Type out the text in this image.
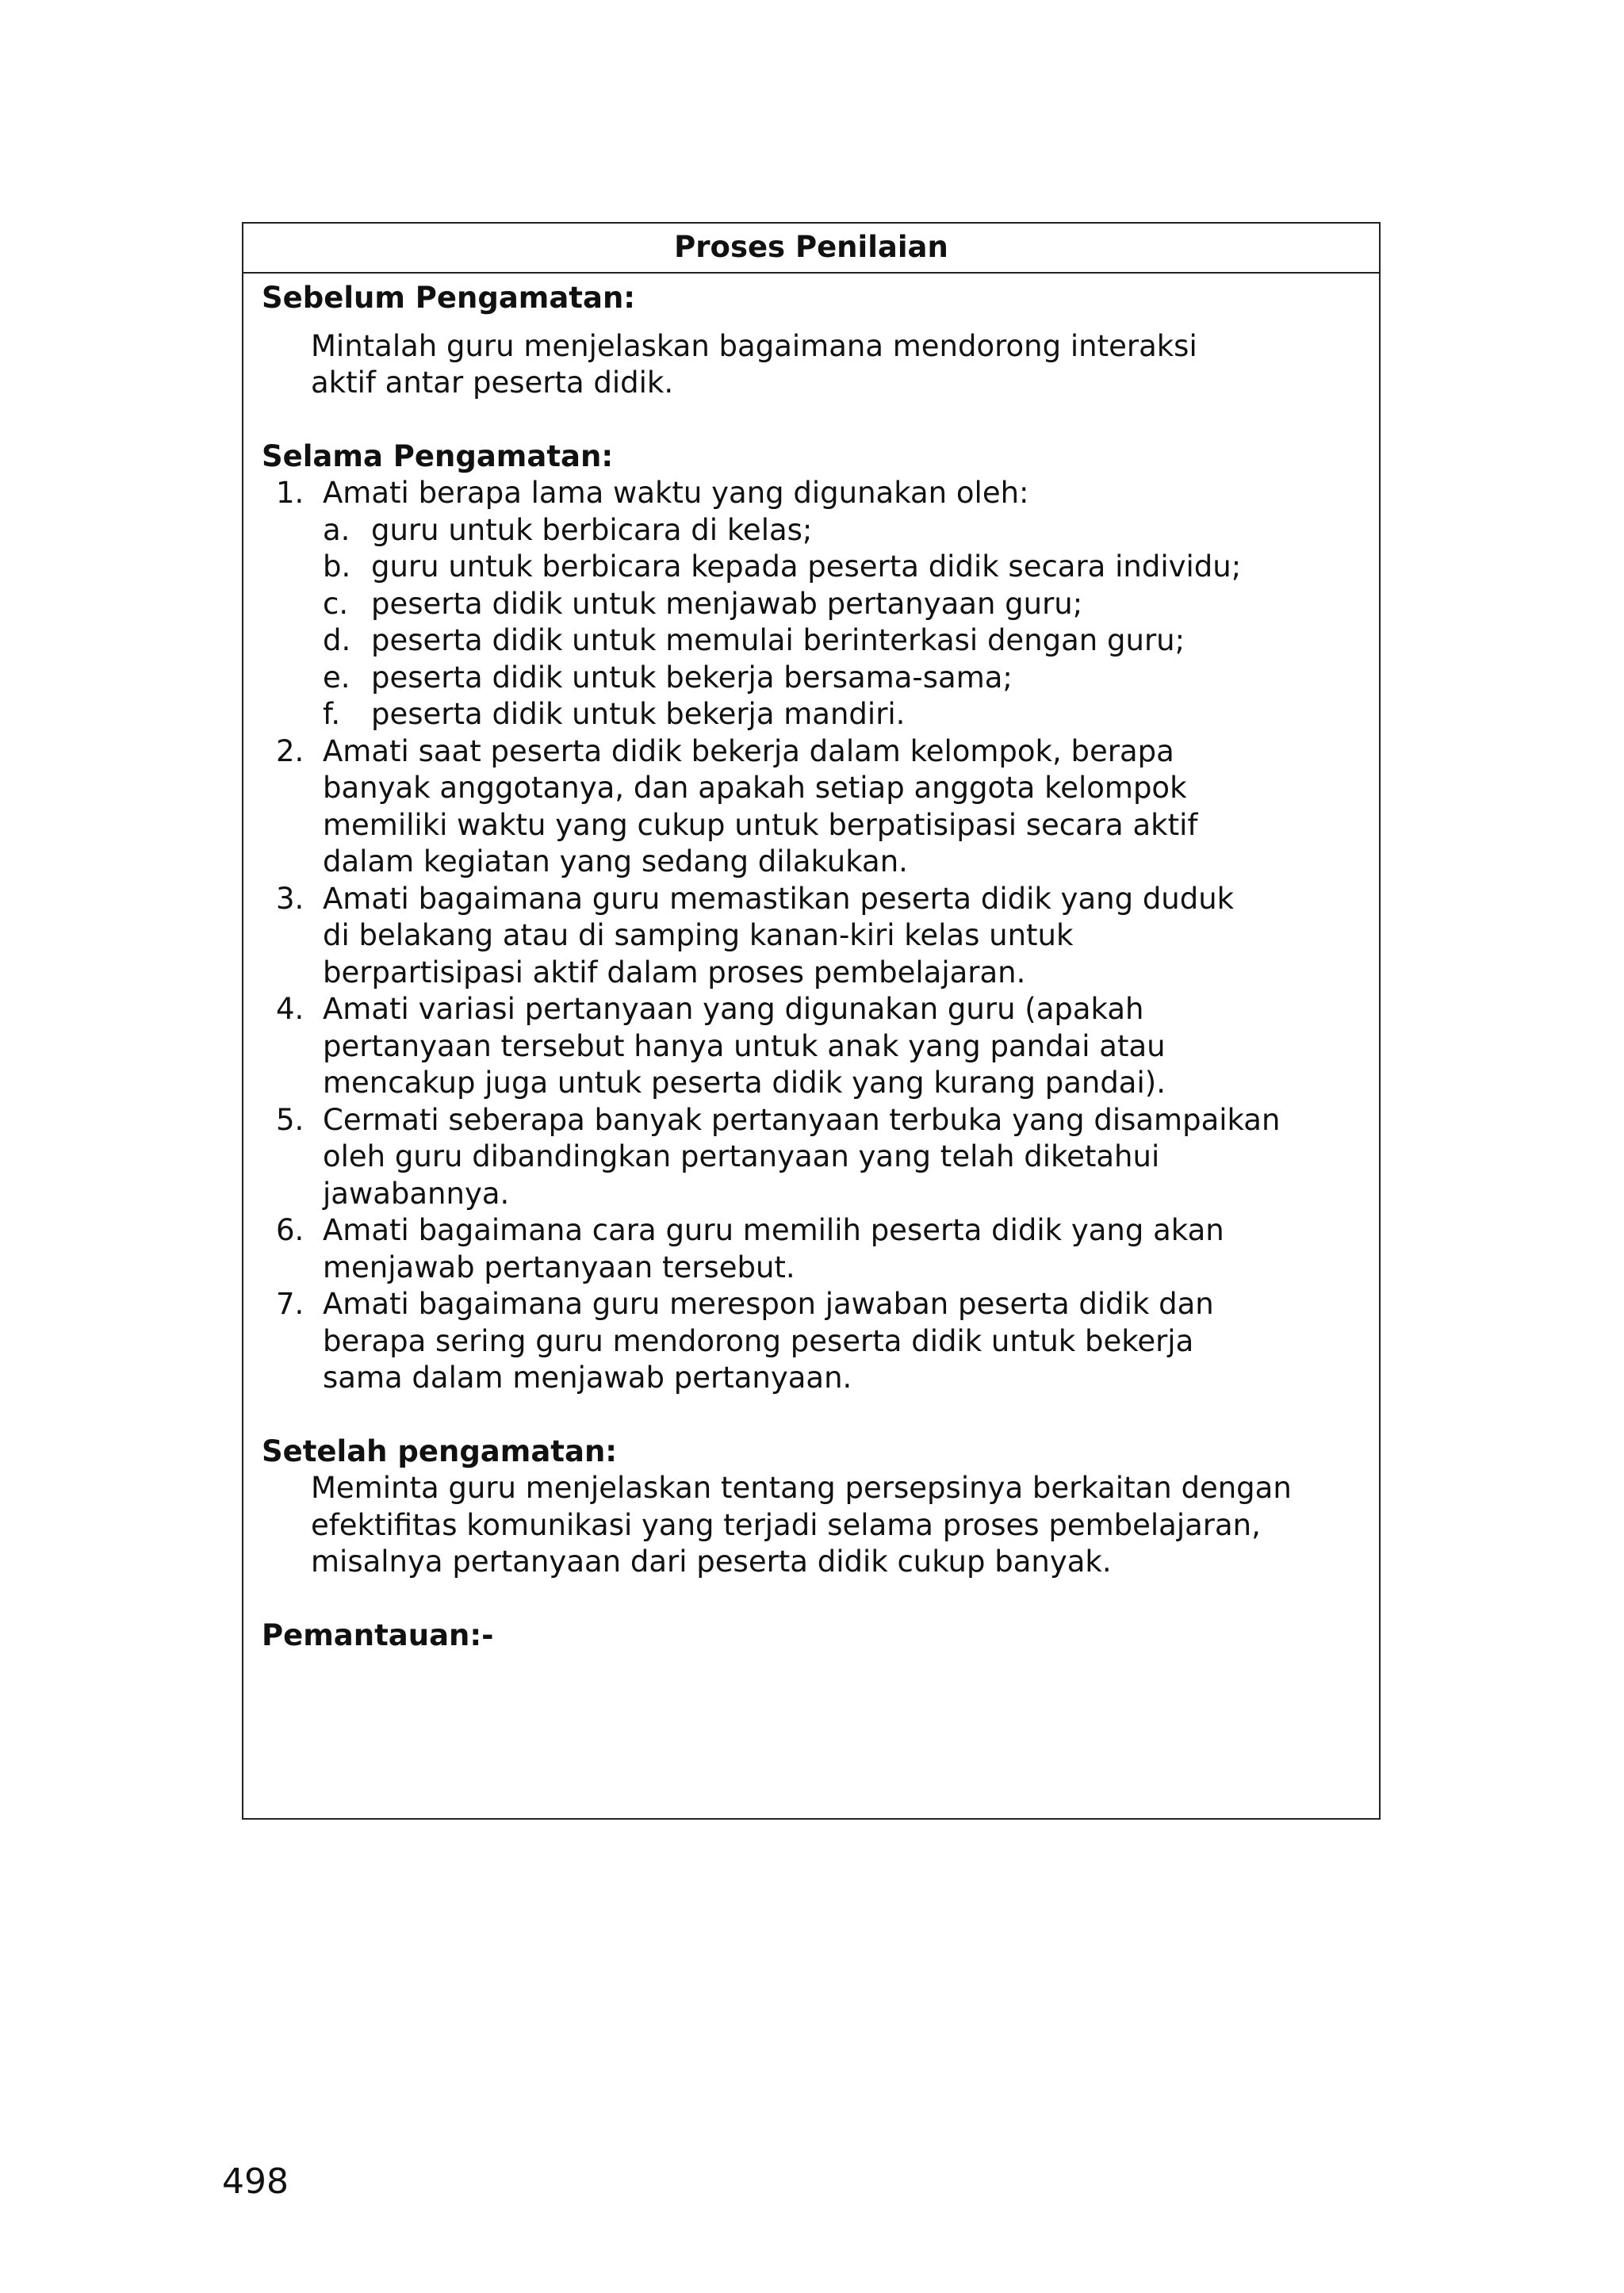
Proses Penilaian

Sebelum Pengamatan:

Mintalah guru menjelaskan bagaimana mendorong interaksi aktif antar peserta didik.

Selama Pengamatan:

1. Amati berapa lama waktu yang digunakan oleh:
a. guru untuk berbicara di kelas;
b. guru untuk berbicara kepada peserta didik secara individu;
c. peserta didik untuk menjawab pertanyaan guru;
d. peserta didik untuk memulai berinterkasi dengan guru;
e. peserta didik untuk bekerja bersama-sama;
f. peserta didik untuk bekerja mandiri.
2. Amati saat peserta didik bekerja dalam kelompok, berapa banyak anggotanya, dan apakah setiap anggota kelompok memiliki waktu yang cukup untuk berpatisipasi secara aktif dalam kegiatan yang sedang dilakukan.
3. Amati bagaimana guru memastikan peserta didik yang duduk di belakang atau di samping kanan-kiri kelas untuk berpartisipasi aktif dalam proses pembelajaran.
4. Amati variasi pertanyaan yang digunakan guru (apakah pertanyaan tersebut hanya untuk anak yang pandai atau mencakup juga untuk peserta didik yang kurang pandai).
5. Cermati seberapa banyak pertanyaan terbuka yang disampaikan oleh guru dibandingkan pertanyaan yang telah diketahui jawabannya.
6. Amati bagaimana cara guru memilih peserta didik yang akan menjawab pertanyaan tersebut.
7. Amati bagaimana guru merespon jawaban peserta didik dan berapa sering guru mendorong peserta didik untuk bekerja sama dalam menjawab pertanyaan.

Setelah pengamatan:

Meminta guru menjelaskan tentang persepsinya berkaitan dengan efektifitas komunikasi yang terjadi selama proses pembelajaran, misalnya pertanyaan dari peserta didik cukup banyak.

Pemantauan:-

498
